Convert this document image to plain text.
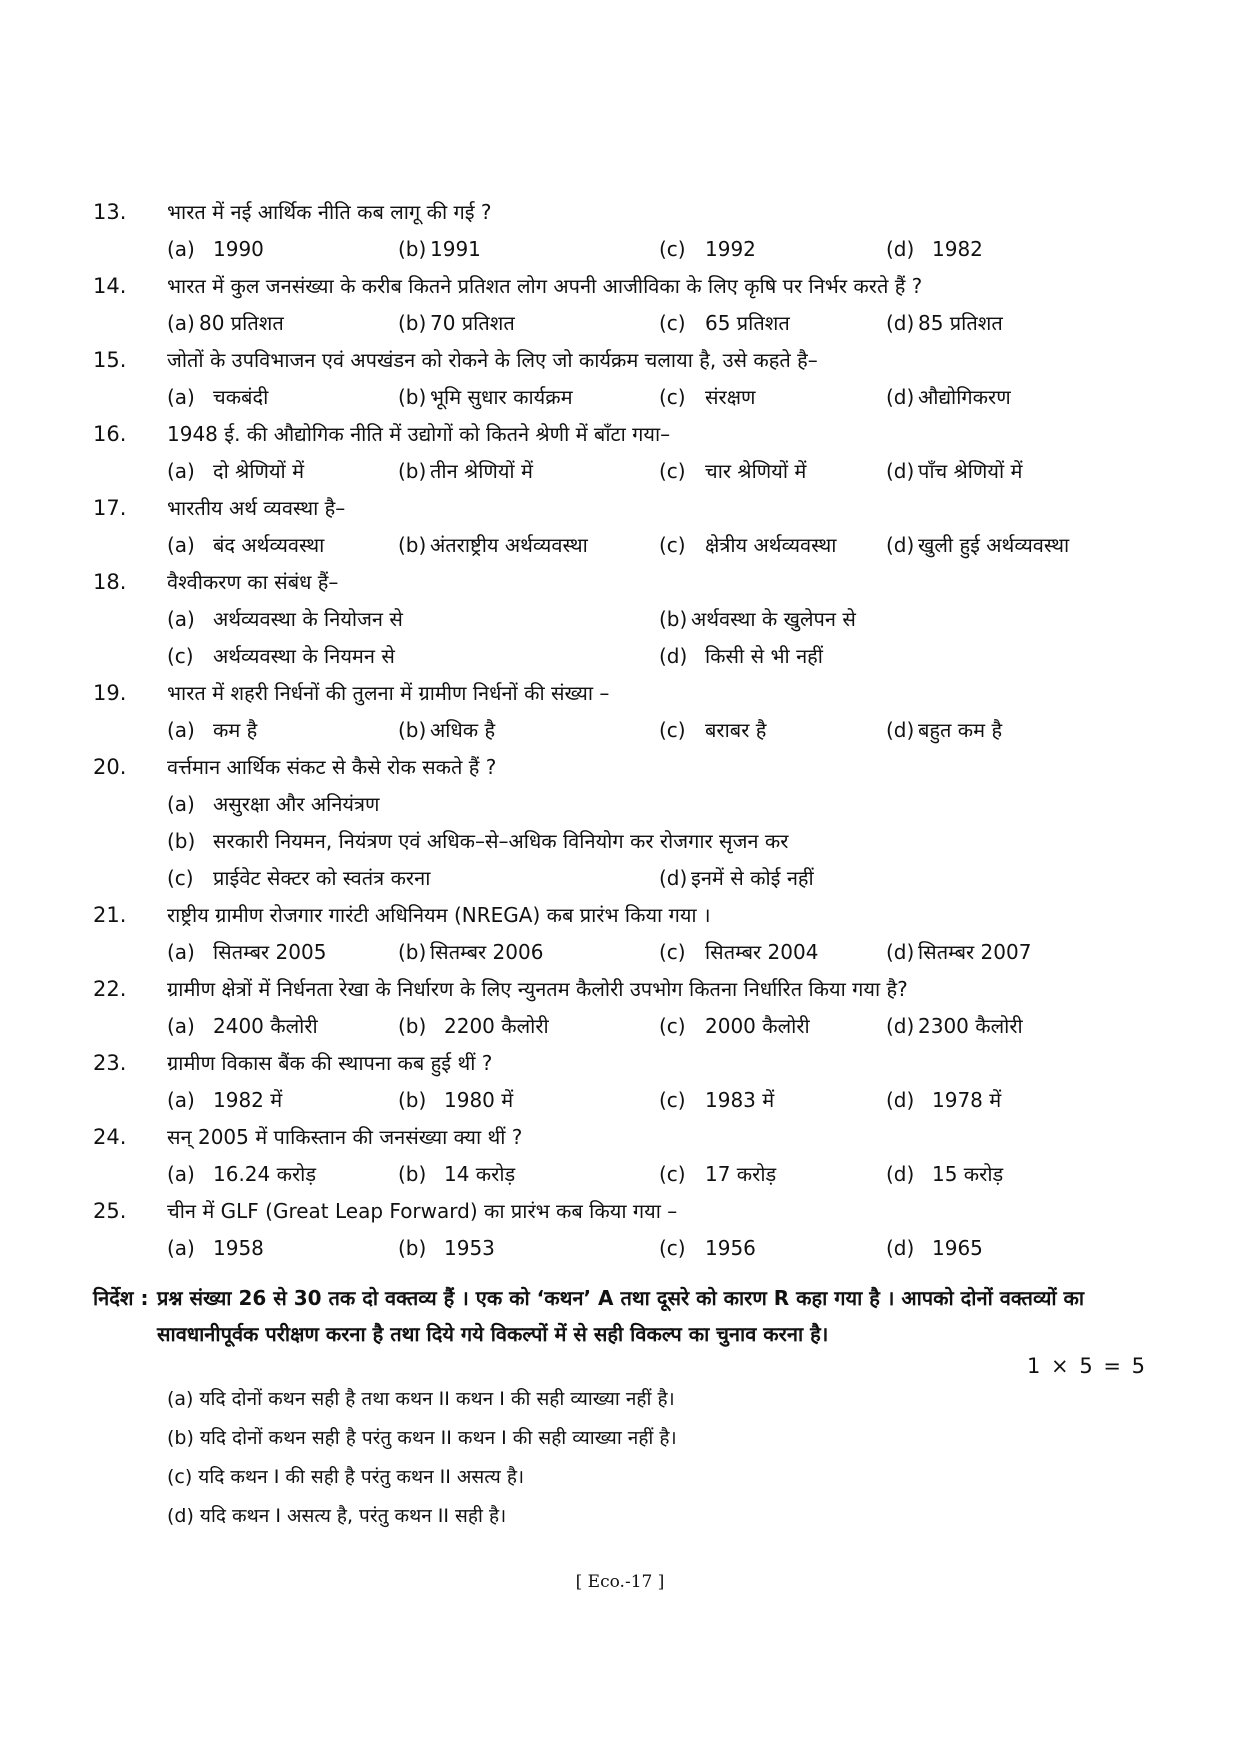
13. भारत में नई आर्थिक नीति कब लागू की गई ?
(a) 1990	(b) 1991	(c) 1992	(d) 1982
14. भारत में कुल जनसंख्या के करीब कितने प्रतिशत लोग अपनी आजीविका के लिए कृषि पर निर्भर करते हैं ?
(a) 80 प्रतिशत	(b) 70 प्रतिशत	(c) 65 प्रतिशत	(d) 85 प्रतिशत
15. जोतों के उपविभाजन एवं अपखंडन को रोकने के लिए जो कार्यक्रम चलाया है, उसे कहते है–
(a) चकबंदी	(b) भूमि सुधार कार्यक्रम	(c) संरक्षण	(d) औद्योगिकरण
16. 1948 ई. की औद्योगिक नीति में उद्योगों को कितने श्रेणी में बाँटा गया–
(a) दो श्रेणियों में	(b) तीन श्रेणियों में	(c) चार श्रेणियों में	(d) पाँच श्रेणियों में
17. भारतीय अर्थ व्यवस्था है–
(a) बंद अर्थव्यवस्था	(b) अंतराष्ट्रीय अर्थव्यवस्था	(c) क्षेत्रीय अर्थव्यवस्था (d) खुली हुई अर्थव्यवस्था
18. वैश्वीकरण का संबंध हैं–
(a) अर्थव्यवस्था के नियोजन से	(b) अर्थवस्था के खुलेपन से
(c) अर्थव्यवस्था के नियमन से	(d) किसी से भी नहीं
19. भारत में शहरी निर्धनों की तुलना में ग्रामीण निर्धनों की संख्या –
(a) कम है	(b) अधिक है	(c) बराबर है	(d) बहुत कम है
20. वर्त्तमान आर्थिक संकट से कैसे रोक सकते हैं ?
(a) असुरक्षा और अनियंत्रण
(b) सरकारी नियमन, नियंत्रण एवं अधिक–से–अधिक विनियोग कर रोजगार सृजन कर
(c) प्राईवेट सेक्टर को स्वतंत्र करना	(d) इनमें से कोई नहीं
21. राष्ट्रीय ग्रामीण रोजगार गारंटी अधिनियम (NREGA) कब प्रारंभ किया गया ।
(a) सितम्बर 2005	(b) सितम्बर 2006	(c) सितम्बर 2004	(d) सितम्बर 2007
22. ग्रामीण क्षेत्रों में निर्धनता रेखा के निर्धारण के लिए न्युनतम कैलोरी उपभोग कितना निर्धारित किया गया है?
(a) 2400 कैलोरी	(b) 2200 कैलोरी	(c) 2000 कैलोरी	(d) 2300 कैलोरी
23. ग्रामीण विकास बैंक की स्थापना कब हुई थीं ?
(a) 1982 में	(b) 1980 में	(c) 1983 में	(d) 1978 में
24. सन् 2005 में पाकिस्तान की जनसंख्या क्या थीं ?
(a) 16.24 करोड़	(b) 14 करोड़	(c) 17 करोड़	(d) 15 करोड़
25. चीन में GLF (Great Leap Forward) का प्रारंभ कब किया गया –
(a) 1958	(b) 1953	(c) 1956	(d) 1965
निर्देश : प्रश्न संख्या 26 से 30 तक दो वक्तव्य हैं । एक को ‘कथन’ A तथा दूसरे को कारण R कहा गया है । आपको दोनों वक्तव्यों का सावधानीपूर्वक परीक्षण करना है तथा दिये गये विकल्पों में से सही विकल्प का चुनाव करना है।
1 × 5 = 5
(a) यदि दोनों कथन सही है तथा कथन II कथन I की सही व्याख्या नहीं है।
(b) यदि दोनों कथन सही है परंतु कथन II कथन I की सही व्याख्या नहीं है।
(c) यदि कथन I की सही है परंतु कथन II असत्य है।
(d) यदि कथन I असत्य है, परंतु कथन II सही है।
[ Eco.-17 ]
